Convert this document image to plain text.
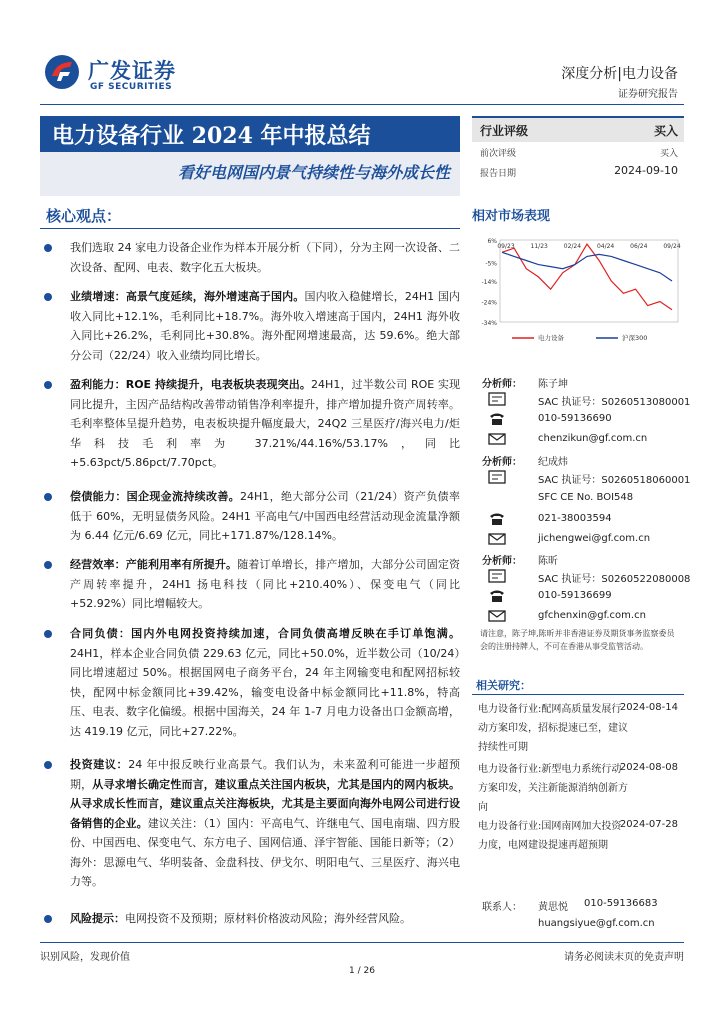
广发证券
GF SECURITIES
深度分析|电力设备
证券研究报告
电力设备行业 2024 年中报总结
看好电网国内景气持续性与海外成长性
行业评级	买入
前次评级	买入
报告日期	2024-09-10
核心观点：
我们选取 24 家电力设备企业作为样本开展分析（下同），分为主网一次设备、二次设备、配网、电表、数字化五大板块。
业绩增速：高景气度延续，海外增速高于国内。国内收入稳健增长，24H1 国内收入同比+12.1%，毛利同比+18.7%。海外收入增速高于国内，24H1 海外收入同比+26.2%，毛利同比+30.8%。海外配网增速最高，达 59.6%。绝大部分公司（22/24）收入业绩均同比增长。
盈利能力：ROE 持续提升，电表板块表现突出。24H1，过半数公司 ROE 实现同比提升，主因产品结构改善带动销售净利率提升，排产增加提升资产周转率。毛利率整体呈提升趋势，电表板块提升幅度最大，24Q2 三星医疗/海兴电力/炬华科技毛利率为 37.21%/44.16%/53.17%，同比+5.63pct/5.86pct/7.70pct。
偿债能力：国企现金流持续改善。24H1，绝大部分公司（21/24）资产负债率低于 60%，无明显债务风险。24H1 平高电气/中国西电经营活动现金流量净额为 6.44 亿元/6.69 亿元，同比+171.87%/128.14%。
经营效率：产能利用率有所提升。随着订单增长，排产增加，大部分公司固定资产周转率提升，24H1 扬电科技（同比+210.40%）、保变电气（同比+52.92%）同比增幅较大。
合同负债：国内外电网投资持续加速，合同负债高增反映在手订单饱满。24H1，样本企业合同负债 229.63 亿元，同比+50.0%，近半数公司（10/24）同比增速超过 50%。根据国网电子商务平台，24 年主网输变电和配网招标较快，配网中标金额同比+39.42%，输变电设备中标金额同比+11.8%，特高压、电表、数字化偏缓。根据中国海关，24 年 1-7 月电力设备出口金额高增，达 419.19 亿元，同比+27.22%。
投资建议：24 年中报反映行业高景气。我们认为，未来盈利可能进一步超预期，从寻求增长确定性而言，建议重点关注国内板块，尤其是国内的网内板块。从寻求成长性而言，建议重点关注海板块，尤其是主要面向海外电网公司进行设备销售的企业。建议关注：（1）国内：平高电气、许继电气、国电南瑞、四方股份、中国西电、保变电气、东方电子、国网信通、泽宇智能、国能日新等；（2）海外：思源电气、华明装备、金盘科技、伊戈尔、明阳电气、三星医疗、海兴电力等。
风险提示：电网投资不及预期；原材料价格波动风险；海外经营风险。
相对市场表现
6%
-5%
-14%
-24%
-34%
09/23	11/23	02/24	04/24	06/24	09/24
电力设备	沪深300
分析师： 陈子坤
SAC 执证号：S0260513080001
010-59136690
chenzikun@gf.com.cn
分析师： 纪成炜
SAC 执证号：S0260518060001
SFC CE No. BOI548
021-38003594
jichengwei@gf.com.cn
分析师： 陈昕
SAC 执证号：S0260522080008
010-59136699
gfchenxin@gf.com.cn
请注意，陈子坤,陈昕并非香港证券及期货事务监察委员会的注册持牌人，不可在香港从事受监管活动。
相关研究：
电力设备行业:配网高质量发展行动方案印发，招标提速已至，建议持续性可期
2024-08-14
电力设备行业:新型电力系统行动方案印发，关注新能源消纳创新方向
2024-08-08
电力设备行业:国网南网加大投资力度，电网建设提速再超预期
2024-07-28
联系人： 黄思悦 010-59136683
huangsiyue@gf.com.cn
识别风险，发现价值	请务必阅读末页的免责声明
1 / 26
